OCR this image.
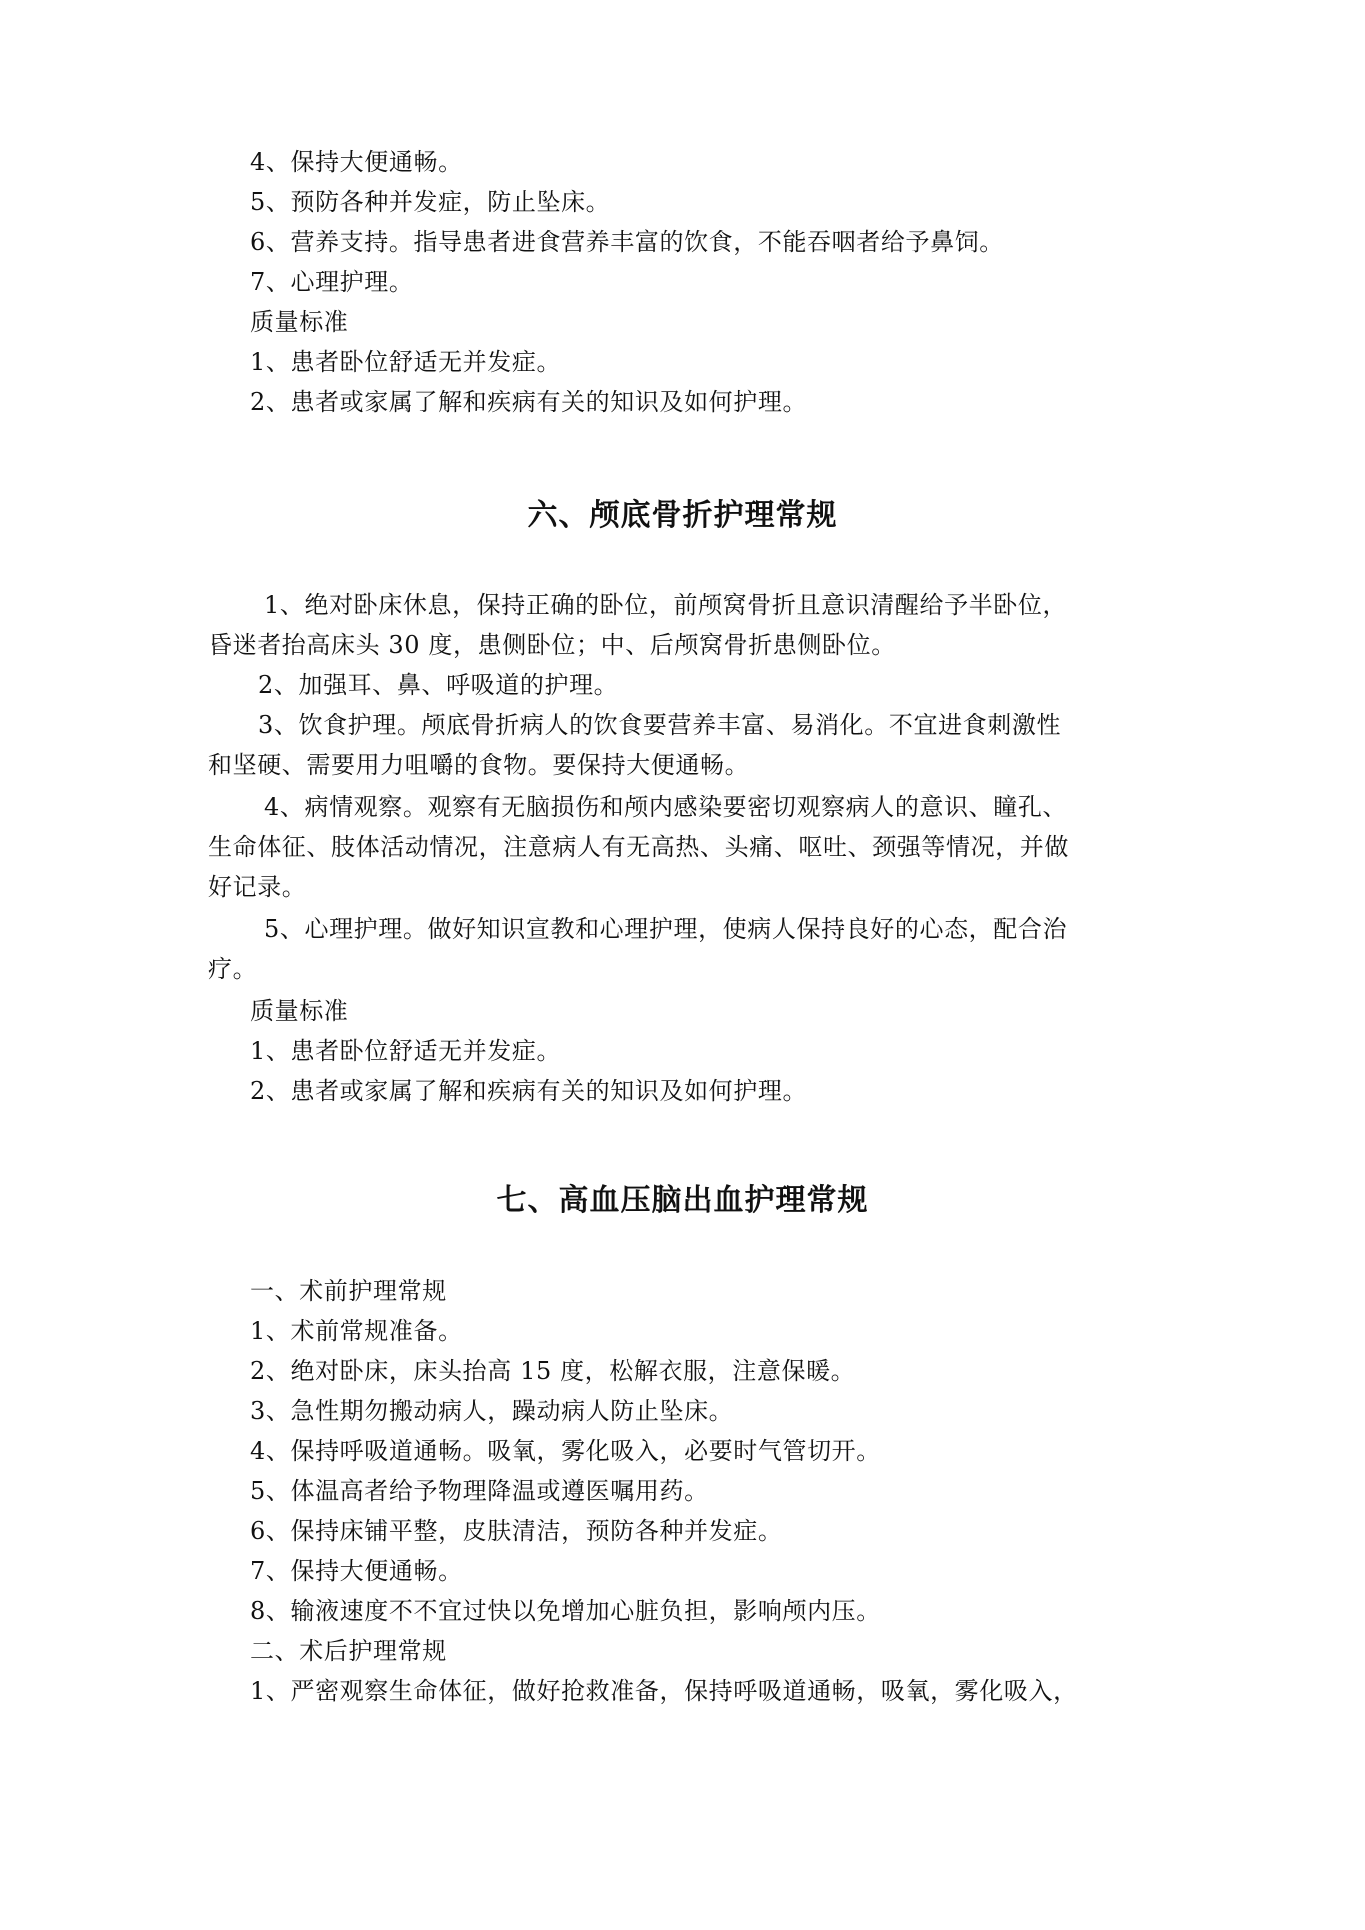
4、保持大便通畅。

5、预防各种并发症，防止坠床。

6、营养支持。指导患者进食营养丰富的饮食，不能吞咽者给予鼻饲。

7、心理护理。

质量标准

1、患者卧位舒适无并发症。

2、患者或家属了解和疾病有关的知识及如何护理。

六、颅底骨折护理常规

1、绝对卧床休息，保持正确的卧位，前颅窝骨折且意识清醒给予半卧位，

昏迷者抬高床头 30 度，患侧卧位；中、后颅窝骨折患侧卧位。

2、加强耳、鼻、呼吸道的护理。

3、饮食护理。颅底骨折病人的饮食要营养丰富、易消化。不宜进食刺激性

和坚硬、需要用力咀嚼的食物。要保持大便通畅。

4、病情观察。观察有无脑损伤和颅内感染要密切观察病人的意识、瞳孔、

生命体征、肢体活动情况，注意病人有无高热、头痛、呕吐、颈强等情况，并做

好记录。

5、心理护理。做好知识宣教和心理护理，使病人保持良好的心态，配合治

疗。

质量标准

1、患者卧位舒适无并发症。

2、患者或家属了解和疾病有关的知识及如何护理。

七、高血压脑出血护理常规

一、术前护理常规

1、术前常规准备。

2、绝对卧床，床头抬高 15 度，松解衣服，注意保暖。

3、急性期勿搬动病人，躁动病人防止坠床。

4、保持呼吸道通畅。吸氧，雾化吸入，必要时气管切开。

5、体温高者给予物理降温或遵医嘱用药。

6、保持床铺平整，皮肤清洁，预防各种并发症。

7、保持大便通畅。

8、输液速度不不宜过快以免增加心脏负担，影响颅内压。

二、术后护理常规

1、严密观察生命体征，做好抢救准备，保持呼吸道通畅，吸氧，雾化吸入，
